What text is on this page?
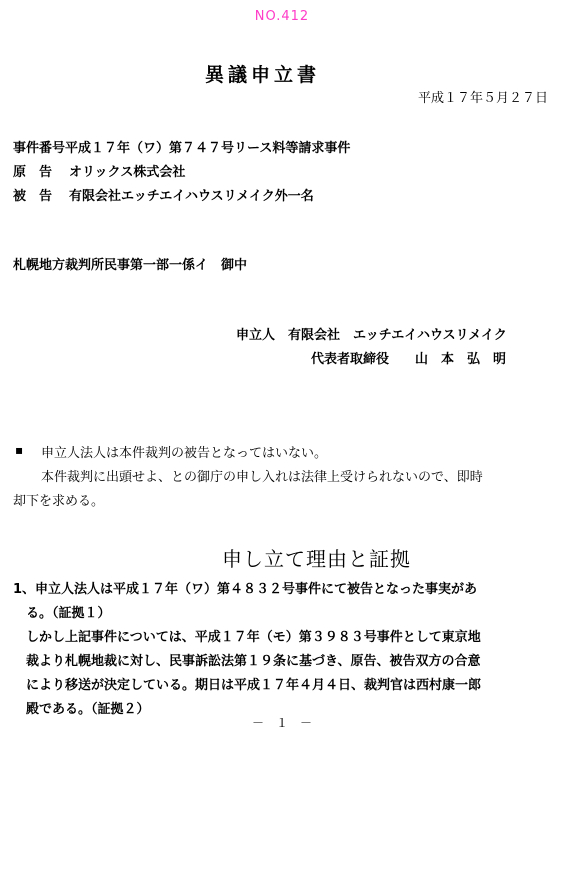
NO.412
異議申立書
平成１７年５月２７日
事件番号平成１７年（ワ）第７４７号リース料等請求事件
原　告 オリックス株式会社
被　告 有限会社エッチエイハウスリメイク外一名
札幌地方裁判所民事第一部一係イ　御中
申立人　有限会社　エッチエイハウスリメイク
代表者取締役　　山　本　弘　明
▪ 申立人法人は本件裁判の被告となってはいない。
本件裁判に出頭せよ、との御庁の申し入れは法律上受けられないので、即時
却下を求める。
申し立て理由と証拠
1、申立人法人は平成１７年（ワ）第４８３２号事件にて被告となった事実があ
る。（証拠１）
しかし上記事件については、平成１７年（モ）第３９８３号事件として東京地
裁より札幌地裁に対し、民事訴訟法第１９条に基づき、原告、被告双方の合意
により移送が決定している。期日は平成１７年４月４日、裁判官は西村康一郎
殿である。（証拠２）
－　１　－
